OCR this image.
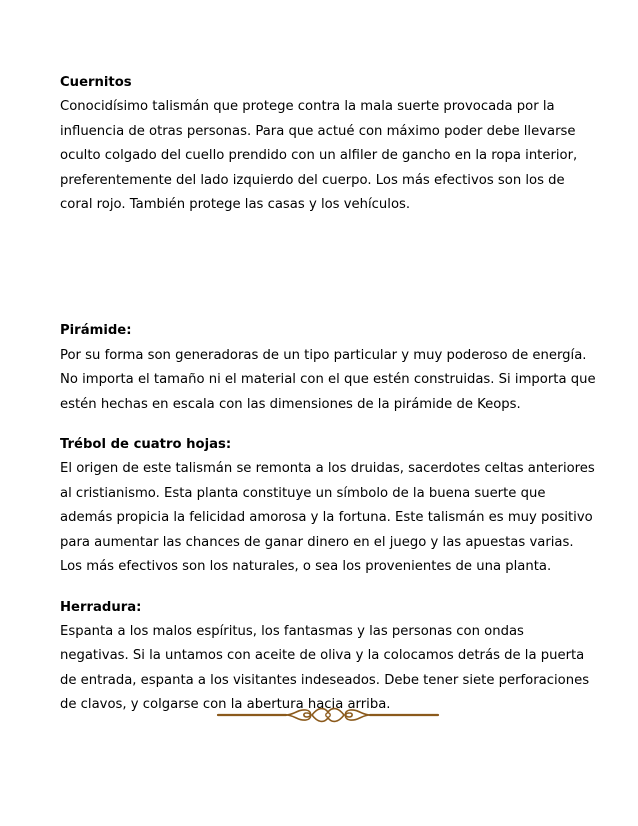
Cuernitos
Conocidísimo talismán que protege contra la mala suerte provocada por la
influencia de otras personas. Para que actué con máximo poder debe llevarse
oculto colgado del cuello prendido con un alfiler de gancho en la ropa interior,
preferentemente del lado izquierdo del cuerpo. Los más efectivos son los de
coral rojo. También protege las casas y los vehículos.
Pirámide:
Por su forma son generadoras de un tipo particular y muy poderoso de energía.
No importa el tamaño ni el material con el que estén construidas. Si importa que
estén hechas en escala con las dimensiones de la pirámide de Keops.
Trébol de cuatro hojas:
El origen de este talismán se remonta a los druidas, sacerdotes celtas anteriores
al cristianismo. Esta planta constituye un símbolo de la buena suerte que
además propicia la felicidad amorosa y la fortuna. Este talismán es muy positivo
para aumentar las chances de ganar dinero en el juego y las apuestas varias.
Los más efectivos son los naturales, o sea los provenientes de una planta.
Herradura:
Espanta a los malos espíritus, los fantasmas y las personas con ondas
negativas. Si la untamos con aceite de oliva y la colocamos detrás de la puerta
de entrada, espanta a los visitantes indeseados. Debe tener siete perforaciones
de clavos, y colgarse con la abertura hacia arriba.
